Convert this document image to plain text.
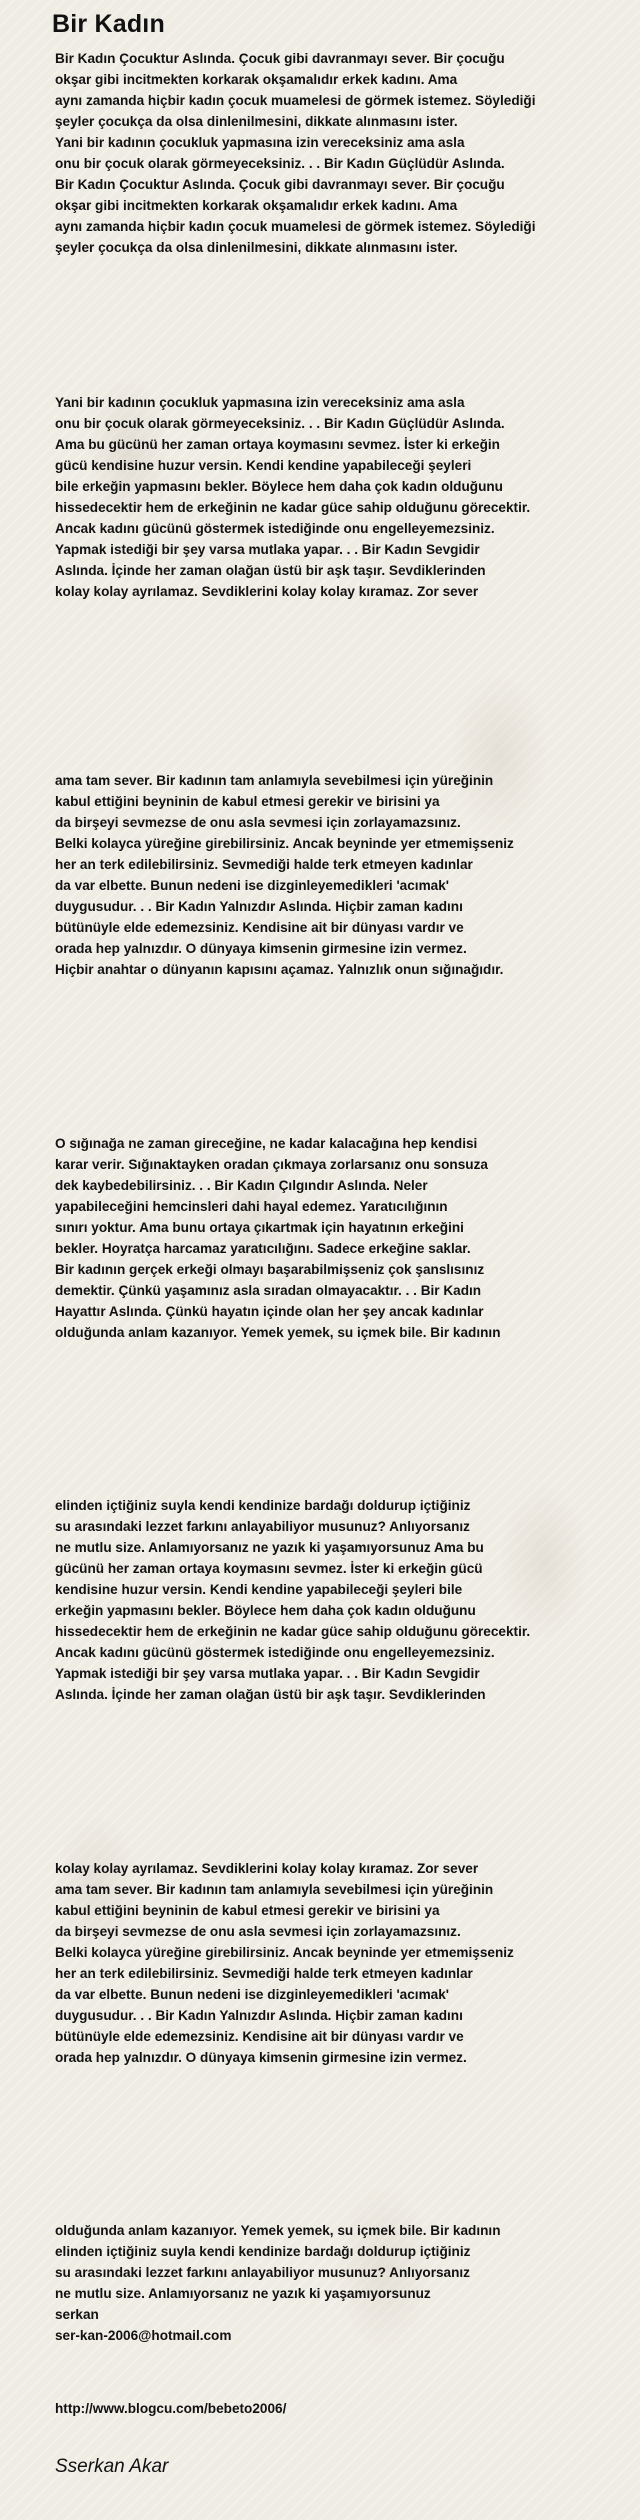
Bir Kadın
Bir Kadın Çocuktur Aslında. Çocuk gibi davranmayı sever. Bir çocuğu
okşar gibi incitmekten korkarak okşamalıdır erkek kadını. Ama
aynı zamanda hiçbir kadın çocuk muamelesi de görmek istemez. Söylediği
şeyler çocukça da olsa dinlenilmesini, dikkate alınmasını ister.
Yani bir kadının çocukluk yapmasına izin vereceksiniz ama asla
onu bir çocuk olarak görmeyeceksiniz. . . Bir Kadın Güçlüdür Aslında.
Bir Kadın Çocuktur Aslında. Çocuk gibi davranmayı sever. Bir çocuğu
okşar gibi incitmekten korkarak okşamalıdır erkek kadını. Ama
aynı zamanda hiçbir kadın çocuk muamelesi de görmek istemez. Söylediği
şeyler çocukça da olsa dinlenilmesini, dikkate alınmasını ister.
Yani bir kadının çocukluk yapmasına izin vereceksiniz ama asla
onu bir çocuk olarak görmeyeceksiniz. . . Bir Kadın Güçlüdür Aslında.
Ama bu gücünü her zaman ortaya koymasını sevmez. İster ki erkeğin
gücü kendisine huzur versin. Kendi kendine yapabileceği şeyleri
bile erkeğin yapmasını bekler. Böylece hem daha çok kadın olduğunu
hissedecektir hem de erkeğinin ne kadar güce sahip olduğunu görecektir.
Ancak kadını gücünü göstermek istediğinde onu engelleyemezsiniz.
Yapmak istediği bir şey varsa mutlaka yapar. . . Bir Kadın Sevgidir
Aslında. İçinde her zaman olağan üstü bir aşk taşır. Sevdiklerinden
kolay kolay ayrılamaz. Sevdiklerini kolay kolay kıramaz. Zor sever
ama tam sever. Bir kadının tam anlamıyla sevebilmesi için yüreğinin
kabul ettiğini beyninin de kabul etmesi gerekir ve birisini ya
da birşeyi sevmezse de onu asla sevmesi için zorlayamazsınız.
Belki kolayca yüreğine girebilirsiniz. Ancak beyninde yer etmemişseniz
her an terk edilebilirsiniz. Sevmediği halde terk etmeyen kadınlar
da var elbette. Bunun nedeni ise dizginleyemedikleri 'acımak'
duygusudur. . . Bir Kadın Yalnızdır Aslında. Hiçbir zaman kadını
bütünüyle elde edemezsiniz. Kendisine ait bir dünyası vardır ve
orada hep yalnızdır. O dünyaya kimsenin girmesine izin vermez.
Hiçbir anahtar o dünyanın kapısını açamaz. Yalnızlık onun sığınağıdır.
O sığınağa ne zaman gireceğine, ne kadar kalacağına hep kendisi
karar verir. Sığınaktayken oradan çıkmaya zorlarsanız onu sonsuza
dek kaybedebilirsiniz. . . Bir Kadın Çılgındır Aslında. Neler
yapabileceğini hemcinsleri dahi hayal edemez. Yaratıcılığının
sınırı yoktur. Ama bunu ortaya çıkartmak için hayatının erkeğini
bekler. Hoyratça harcamaz yaratıcılığını. Sadece erkeğine saklar.
Bir kadının gerçek erkeği olmayı başarabilmişseniz çok şanslısınız
demektir. Çünkü yaşamınız asla sıradan olmayacaktır. . . Bir Kadın
Hayattır Aslında. Çünkü hayatın içinde olan her şey ancak kadınlar
olduğunda anlam kazanıyor. Yemek yemek, su içmek bile. Bir kadının
elinden içtiğiniz suyla kendi kendinize bardağı doldurup içtiğiniz
su arasındaki lezzet farkını anlayabiliyor musunuz? Anlıyorsanız
ne mutlu size. Anlamıyorsanız ne yazık ki yaşamıyorsunuz Ama bu
gücünü her zaman ortaya koymasını sevmez. İster ki erkeğin gücü
kendisine huzur versin. Kendi kendine yapabileceği şeyleri bile
erkeğin yapmasını bekler. Böylece hem daha çok kadın olduğunu
hissedecektir hem de erkeğinin ne kadar güce sahip olduğunu görecektir.
Ancak kadını gücünü göstermek istediğinde onu engelleyemezsiniz.
Yapmak istediği bir şey varsa mutlaka yapar. . . Bir Kadın Sevgidir
Aslında. İçinde her zaman olağan üstü bir aşk taşır. Sevdiklerinden
kolay kolay ayrılamaz. Sevdiklerini kolay kolay kıramaz. Zor sever
ama tam sever. Bir kadının tam anlamıyla sevebilmesi için yüreğinin
kabul ettiğini beyninin de kabul etmesi gerekir ve birisini ya
da birşeyi sevmezse de onu asla sevmesi için zorlayamazsınız.
Belki kolayca yüreğine girebilirsiniz. Ancak beyninde yer etmemişseniz
her an terk edilebilirsiniz. Sevmediği halde terk etmeyen kadınlar
da var elbette. Bunun nedeni ise dizginleyemedikleri 'acımak'
duygusudur. . . Bir Kadın Yalnızdır Aslında. Hiçbir zaman kadını
bütünüyle elde edemezsiniz. Kendisine ait bir dünyası vardır ve
orada hep yalnızdır. O dünyaya kimsenin girmesine izin vermez.
olduğunda anlam kazanıyor. Yemek yemek, su içmek bile. Bir kadının
elinden içtiğiniz suyla kendi kendinize bardağı doldurup içtiğiniz
su arasındaki lezzet farkını anlayabiliyor musunuz? Anlıyorsanız
ne mutlu size. Anlamıyorsanız ne yazık ki yaşamıyorsunuz
serkan
ser-kan-2006@hotmail.com
http://www.blogcu.com/bebeto2006/
Sserkan Akar
